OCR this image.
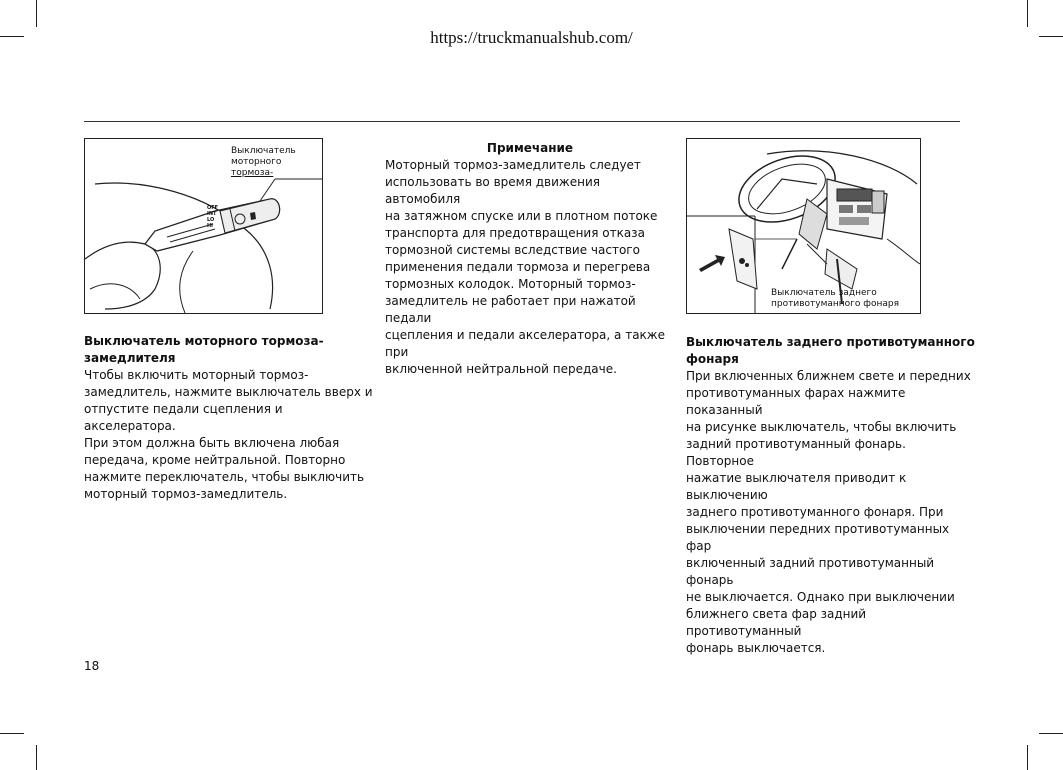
https://truckmanualshub.com/
OFF
INT
LO
HI
Выключатель
моторного
тормоза-

Выключатель моторного тормоза-

замедлителя

Чтобы включить моторный тормоз-

замедлитель, нажмите выключатель вверх и

отпустите педали сцепления и акселератора.

При этом должна быть включена любая

передача, кроме нейтральной. Повторно

нажмите переключатель, чтобы выключить

моторный тормоз-замедлитель.

Примечание

Моторный тормоз-замедлитель следует

использовать во время движения автомобиля

на затяжном спуске или в плотном потоке

транспорта для предотвращения отказа

тормозной системы вследствие частого

применения педали тормоза и перегрева

тормозных колодок. Моторный тормоз-

замедлитель не работает при нажатой педали

сцепления и педали акселератора, а также при

включенной нейтральной передаче.

Выключатель заднего
противотуманного фонаря

Выключатель заднего противотуманного

фонаря

При включенных ближнем свете и передних

противотуманных фарах нажмите показанный

на рисунке выключатель, чтобы включить

задний противотуманный фонарь. Повторное

нажатие выключателя приводит к выключению

заднего противотуманного фонаря. При

выключении передних противотуманных фар

включенный задний противотуманный фонарь

не выключается. Однако при выключении

ближнего света фар задний противотуманный

фонарь выключается.

18
